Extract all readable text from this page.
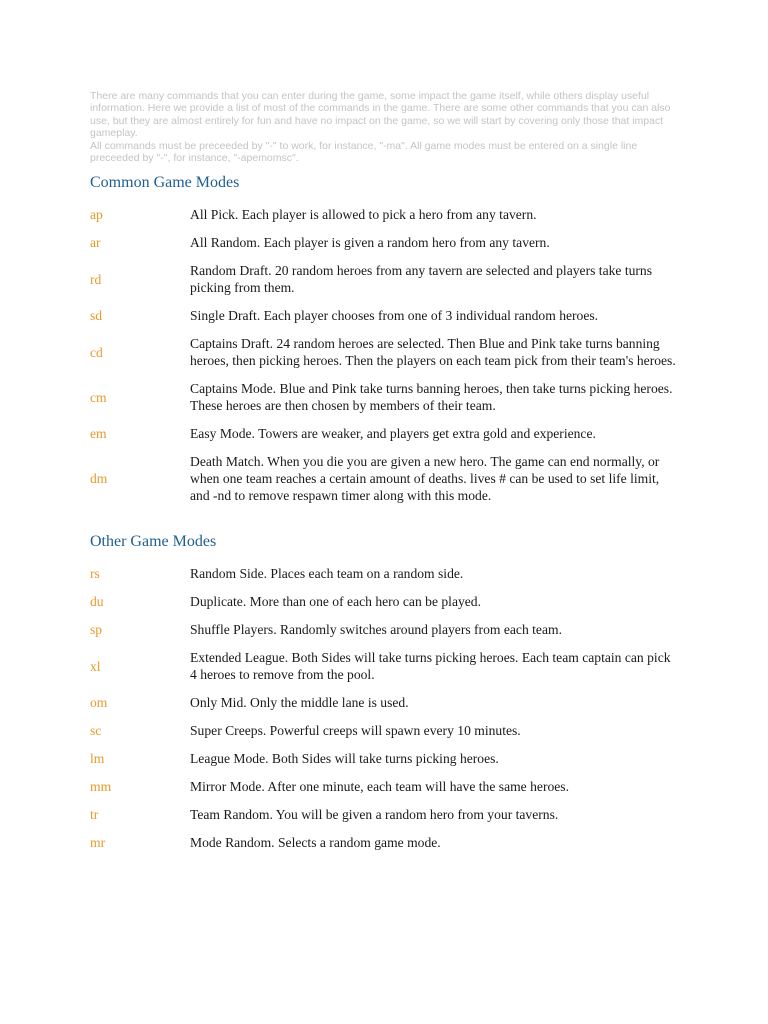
There are many commands that you can enter during the game, some impact the game itself, while others display useful information. Here we provide a list of most of the commands in the game. There are some other commands that you can also use, but they are almost entirely for fun and have no impact on the game, so we will start by covering only those that impact gameplay.

All commands must be preceeded by "-" to work, for instance, "-ma". All game modes must be entered on a single line preceeded by "-", for instance, "-apemomsc".

Common Game Modes
ap	All Pick. Each player is allowed to pick a hero from any tavern.
ar	All Random. Each player is given a random hero from any tavern.
rd	Random Draft. 20 random heroes from any tavern are selected and players take turns picking from them.
sd	Single Draft. Each player chooses from one of 3 individual random heroes.
cd	Captains Draft. 24 random heroes are selected. Then Blue and Pink take turns banning heroes, then picking heroes. Then the players on each team pick from their team's heroes.
cm	Captains Mode. Blue and Pink take turns banning heroes, then take turns picking heroes. These heroes are then chosen by members of their team.
em	Easy Mode. Towers are weaker, and players get extra gold and experience.
dm	Death Match. When you die you are given a new hero. The game can end normally, or when one team reaches a certain amount of deaths. lives # can be used to set life limit, and -nd to remove respawn timer along with this mode.
Other Game Modes
rs	Random Side. Places each team on a random side.
du	Duplicate. More than one of each hero can be played.
sp	Shuffle Players. Randomly switches around players from each team.
xl	Extended League. Both Sides will take turns picking heroes. Each team captain can pick 4 heroes to remove from the pool.
om	Only Mid. Only the middle lane is used.
sc	Super Creeps. Powerful creeps will spawn every 10 minutes.
lm	League Mode. Both Sides will take turns picking heroes.
mm	Mirror Mode. After one minute, each team will have the same heroes.
tr	Team Random. You will be given a random hero from your taverns.
mr	Mode Random. Selects a random game mode.
